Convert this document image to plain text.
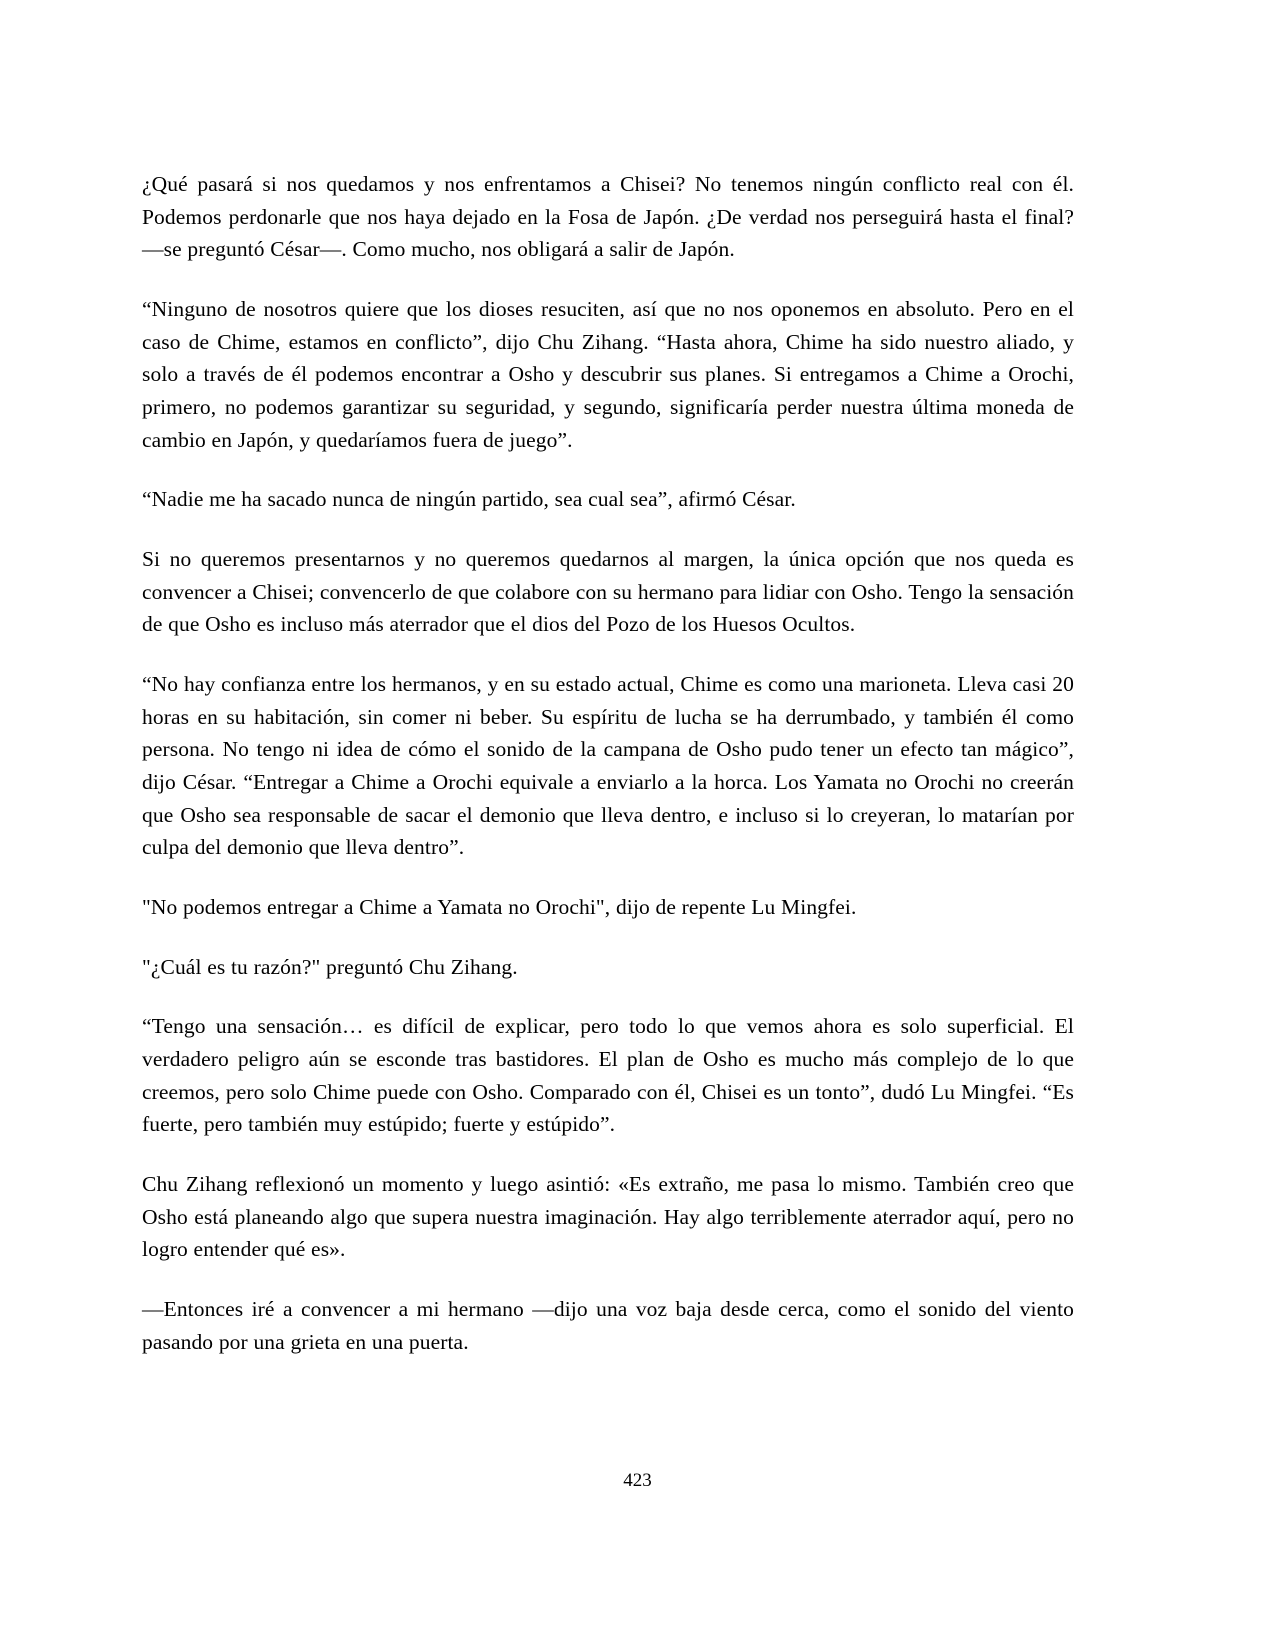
¿Qué pasará si nos quedamos y nos enfrentamos a Chisei? No tenemos ningún conflicto real con él. Podemos perdonarle que nos haya dejado en la Fosa de Japón. ¿De verdad nos perseguirá hasta el final? —se preguntó César—. Como mucho, nos obligará a salir de Japón.

“Ninguno de nosotros quiere que los dioses resuciten, así que no nos oponemos en absoluto. Pero en el caso de Chime, estamos en conflicto”, dijo Chu Zihang. “Hasta ahora, Chime ha sido nuestro aliado, y solo a través de él podemos encontrar a Osho y descubrir sus planes. Si entregamos a Chime a Orochi, primero, no podemos garantizar su seguridad, y segundo, significaría perder nuestra última moneda de cambio en Japón, y quedaríamos fuera de juego”.

“Nadie me ha sacado nunca de ningún partido, sea cual sea”, afirmó César.

Si no queremos presentarnos y no queremos quedarnos al margen, la única opción que nos queda es convencer a Chisei; convencerlo de que colabore con su hermano para lidiar con Osho. Tengo la sensación de que Osho es incluso más aterrador que el dios del Pozo de los Huesos Ocultos.

“No hay confianza entre los hermanos, y en su estado actual, Chime es como una marioneta. Lleva casi 20 horas en su habitación, sin comer ni beber. Su espíritu de lucha se ha derrumbado, y también él como persona. No tengo ni idea de cómo el sonido de la campana de Osho pudo tener un efecto tan mágico”, dijo César. “Entregar a Chime a Orochi equivale a enviarlo a la horca. Los Yamata no Orochi no creerán que Osho sea responsable de sacar el demonio que lleva dentro, e incluso si lo creyeran, lo matarían por culpa del demonio que lleva dentro”.

"No podemos entregar a Chime a Yamata no Orochi", dijo de repente Lu Mingfei.

"¿Cuál es tu razón?" preguntó Chu Zihang.

“Tengo una sensación… es difícil de explicar, pero todo lo que vemos ahora es solo superficial. El verdadero peligro aún se esconde tras bastidores. El plan de Osho es mucho más complejo de lo que creemos, pero solo Chime puede con Osho. Comparado con él, Chisei es un tonto”, dudó Lu Mingfei. “Es fuerte, pero también muy estúpido; fuerte y estúpido”.

Chu Zihang reflexionó un momento y luego asintió: «Es extraño, me pasa lo mismo. También creo que Osho está planeando algo que supera nuestra imaginación. Hay algo terriblemente aterrador aquí, pero no logro entender qué es».

—Entonces iré a convencer a mi hermano —dijo una voz baja desde cerca, como el sonido del viento pasando por una grieta en una puerta.

423
